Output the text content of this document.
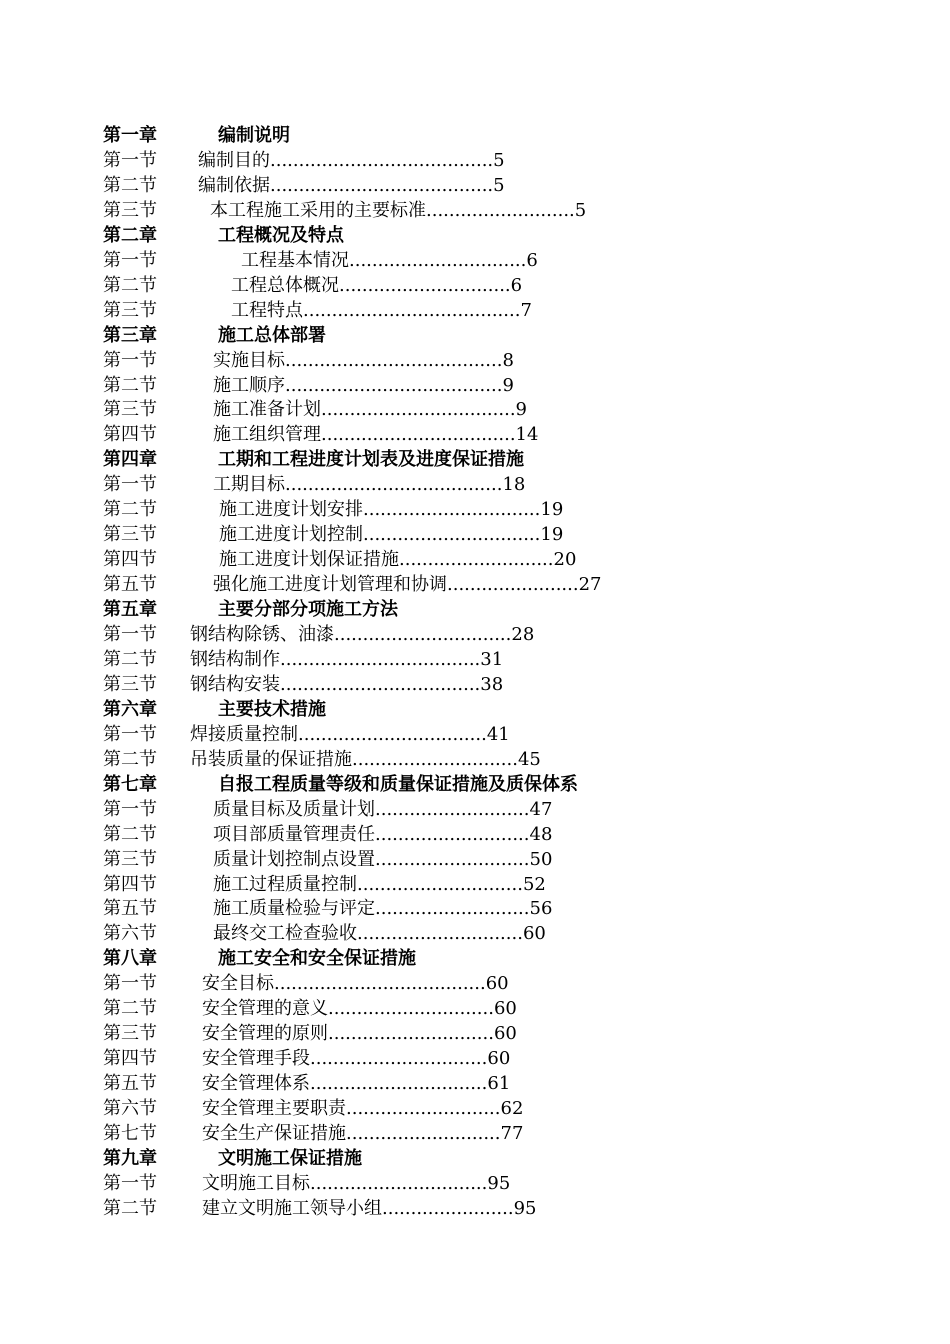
第一章	编制说明
第一节 编制目的.......................................5
第二节 编制依据.......................................5
第三节	本工程施工采用的主要标准..........................5
第二章	工程概况及特点
第一节	工程基本情况...............................6
第二节	工程总体概况..............................6
第三节	工程特点......................................7
第三章	施工总体部署
第一节	实施目标......................................8
第二节	施工顺序......................................9
第三节	施工准备计划..................................9
第四节	施工组织管理..................................14
第四章	工期和工程进度计划表及进度保证措施
第一节	工期目标......................................18
第二节	施工进度计划安排...............................19
第三节	施工进度计划控制...............................19
第四节	施工进度计划保证措施...........................20
第五节	强化施工进度计划管理和协调.......................27
第五章	主要分部分项施工方法
第一节 钢结构除锈、油漆...............................28
第二节 钢结构制作...................................31
第三节 钢结构安装...................................38
第六章	主要技术措施
第一节 焊接质量控制.................................41
第二节 吊装质量的保证措施.............................45
第七章	自报工程质量等级和质量保证措施及质保体系
第一节	质量目标及质量计划...........................47
第二节	项目部质量管理责任...........................48
第三节	质量计划控制点设置...........................50
第四节	施工过程质量控制.............................52
第五节	施工质量检验与评定...........................56
第六节	最终交工检查验收.............................60
第八章	施工安全和安全保证措施
第一节	安全目标.....................................60
第二节	安全管理的意义.............................60
第三节	安全管理的原则.............................60
第四节	安全管理手段...............................60
第五节	安全管理体系...............................61
第六节	安全管理主要职责...........................62
第七节	安全生产保证措施...........................77
第九章	文明施工保证措施
第一节	文明施工目标...............................95
第二节	建立文明施工领导小组.......................95
